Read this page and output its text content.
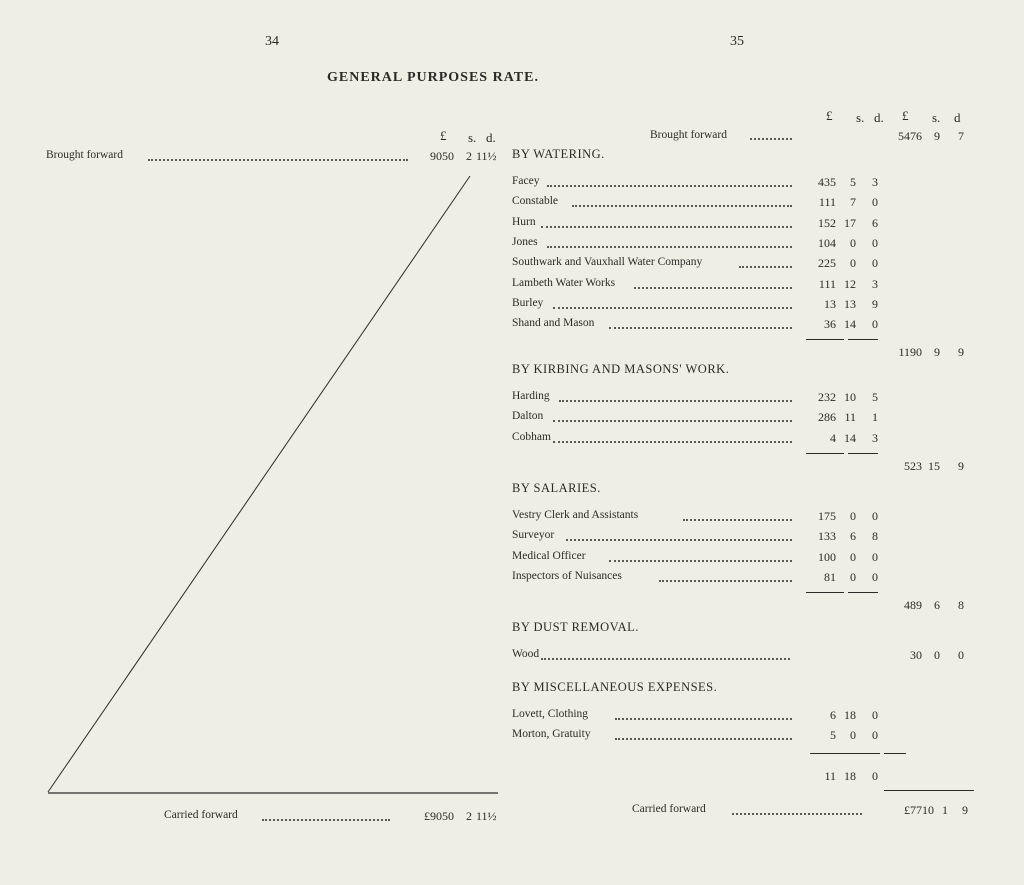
34
GENERAL PURPOSES RATE.
£ s. d.
Brought forward	9050	2 11½
Carried forward	£9050	2 11½
35
£ s. d. £ s. d
Brought forward	5476	9	7
BY WATERING.
Facey	435	5	3
Constable	111	7	0
Hurn	152 17	6
Jones	104	0	0
Southwark and Vauxhall Water Company	225	0	0
Lambeth Water Works	111 12	3
Burley	13 13	9
Shand and Mason	36 14	0
1190	9	9
BY KIRBING AND MASONS' WORK.
Harding	232 10	5
Dalton	286 11	1
Cobham	4 14	3
523 15	9
BY SALARIES.
Vestry Clerk and Assistants	175	0	0
Surveyor	133	6	8
Medical Officer	100	0	0
Inspectors of Nuisances	81	0	0
489	6	8
BY DUST REMOVAL.
Wood	30	0	0
BY MISCELLANEOUS EXPENSES.
Lovett, Clothing	6 18	0
Morton, Gratuity	5	0	0
11 18	0
Carried forward	£7710 1	9
